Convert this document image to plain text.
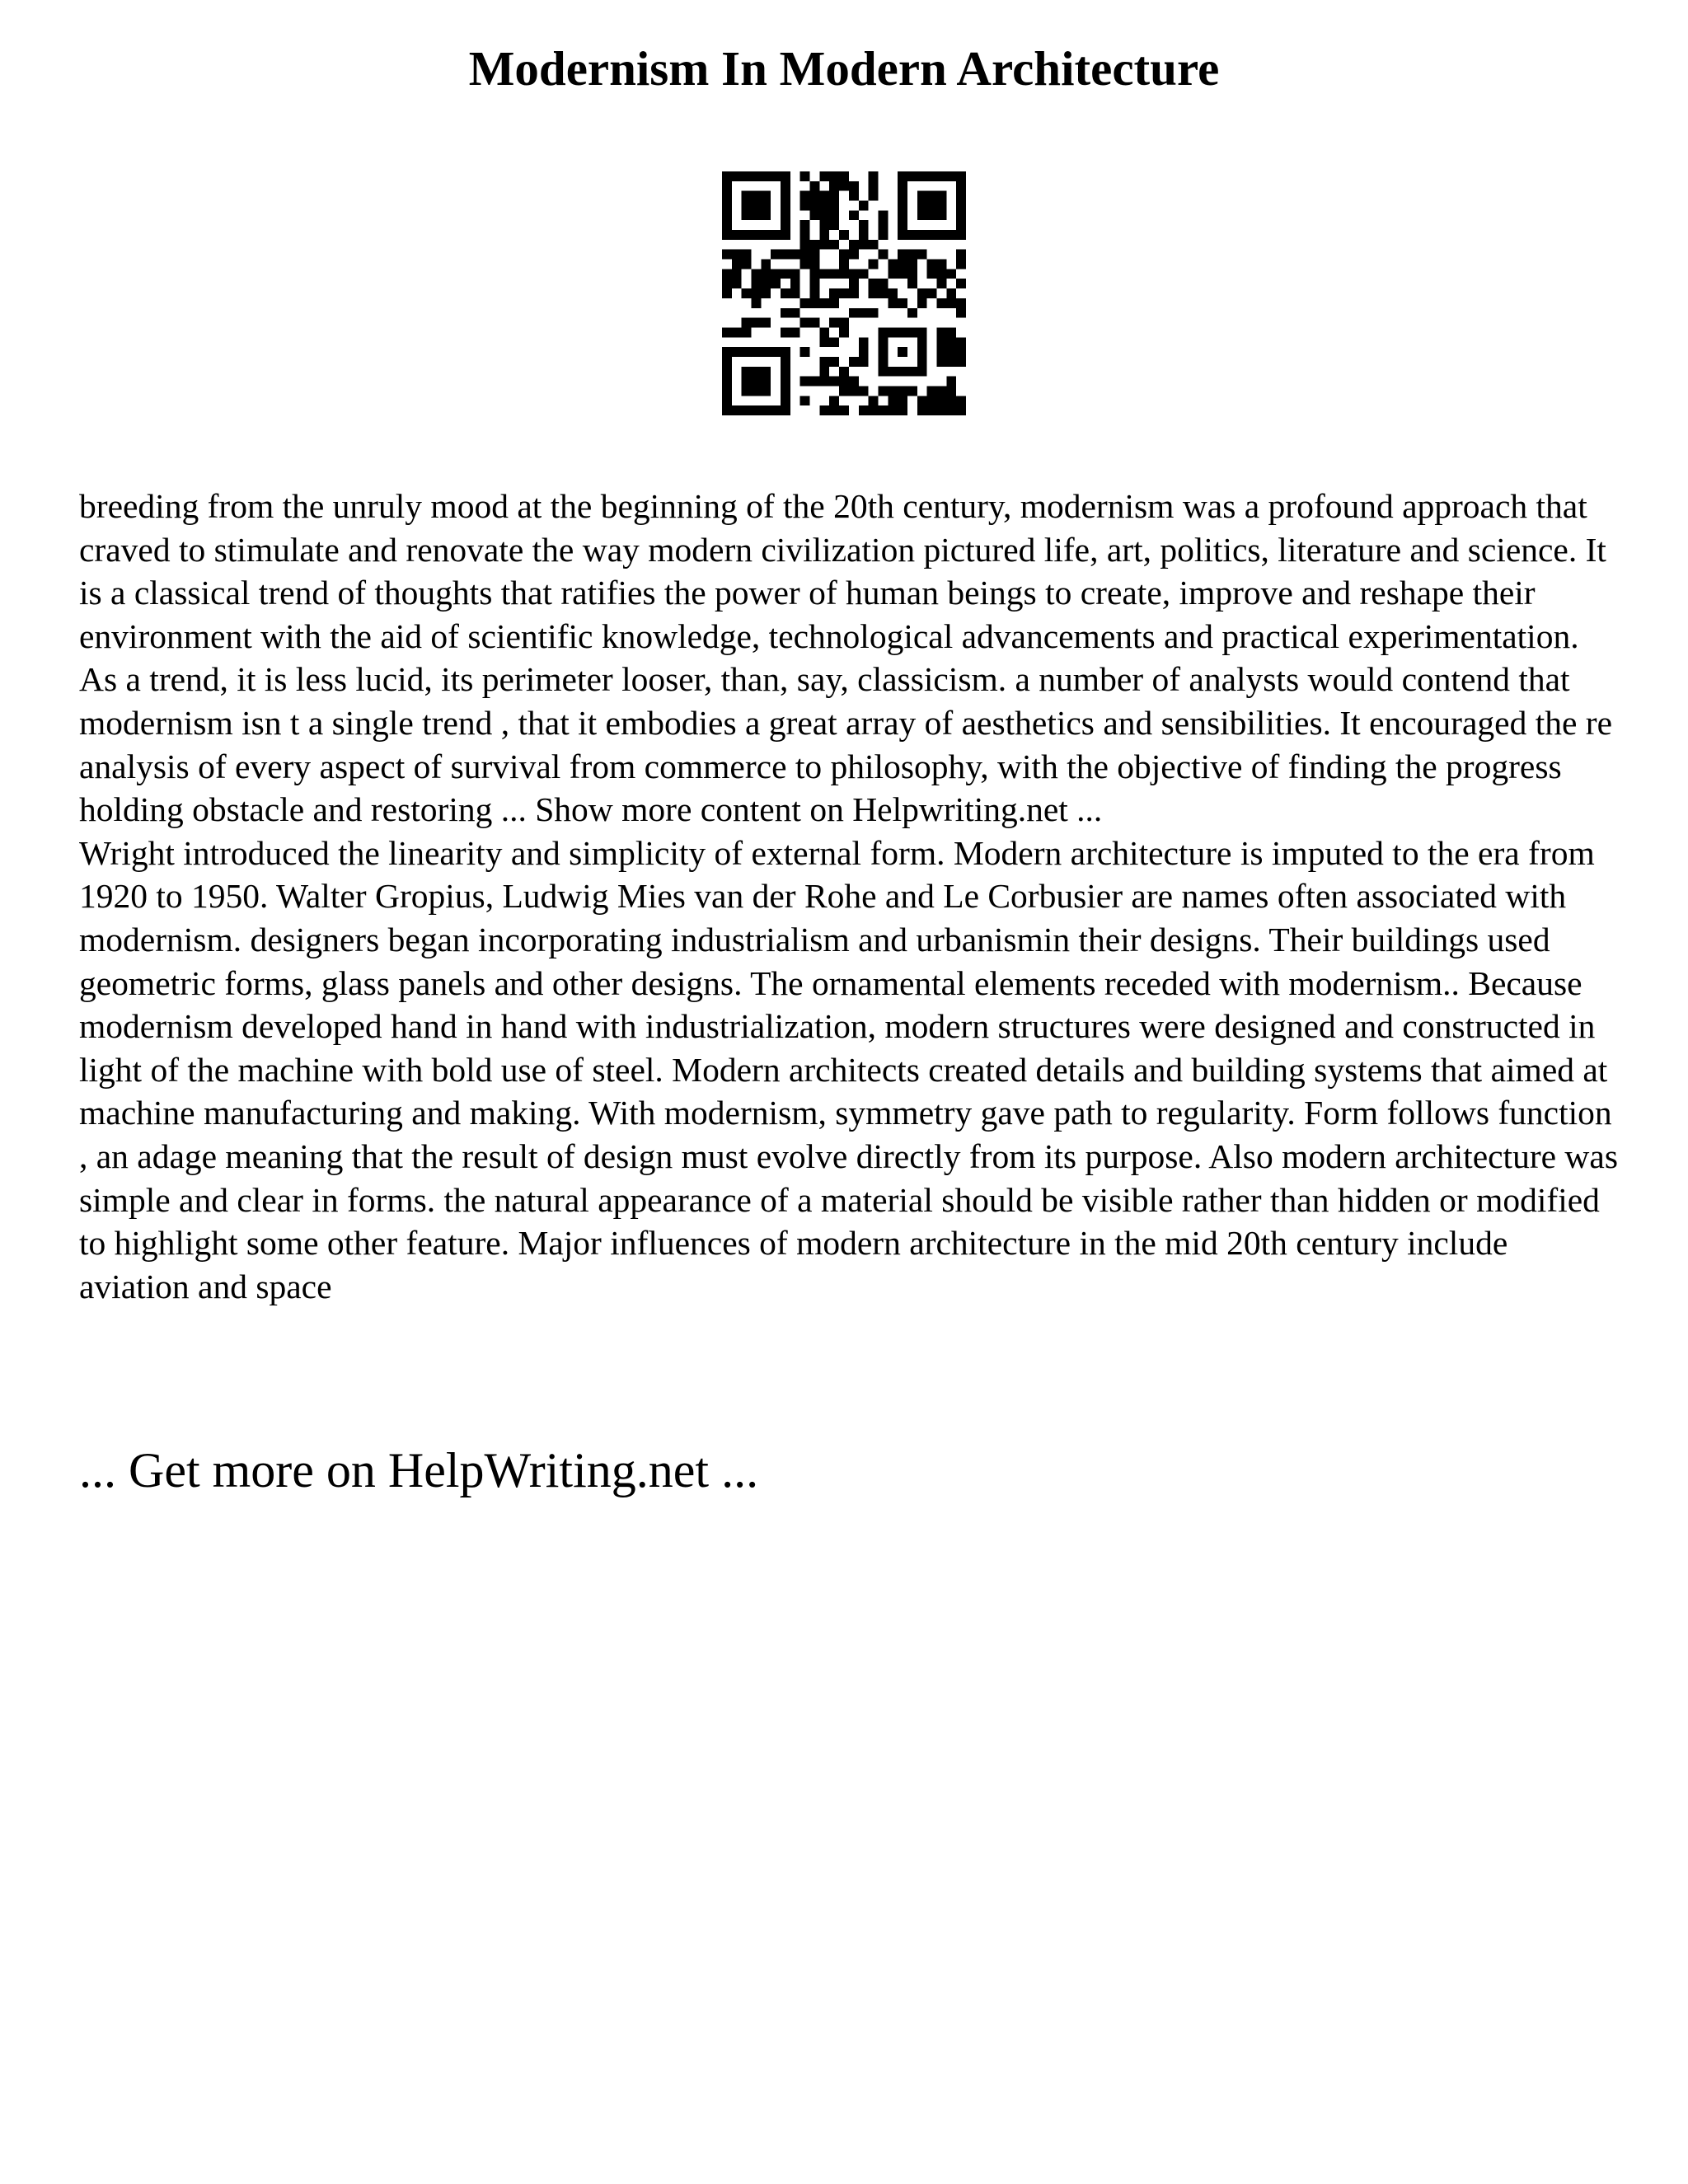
Modernism In Modern Architecture

breeding from the unruly mood at the beginning of the 20th century, modernism was a profound approach that craved to stimulate and renovate the way modern civilization pictured life, art, politics, literature and science. It is a classical trend of thoughts that ratifies the power of human beings to create, improve and reshape their environment with the aid of scientific knowledge, technological advancements and practical experimentation. As a trend, it is less lucid, its perimeter looser, than, say, classicism. a number of analysts would contend that modernism isn t a single trend , that it embodies a great array of aesthetics and sensibilities. It encouraged the re analysis of every aspect of survival from commerce to philosophy, with the objective of finding the progress holding obstacle and restoring ... Show more content on Helpwriting.net ...

Wright introduced the linearity and simplicity of external form. Modern architecture is imputed to the era from 1920 to 1950. Walter Gropius, Ludwig Mies van der Rohe and Le Corbusier are names often associated with modernism. designers began incorporating industrialism and urbanismin their designs. Their buildings used geometric forms, glass panels and other designs. The ornamental elements receded with modernism.. Because modernism developed hand in hand with industrialization, modern structures were designed and constructed in light of the machine with bold use of steel. Modern architects created details and building systems that aimed at machine manufacturing and making. With modernism, symmetry gave path to regularity. Form follows function , an adage meaning that the result of design must evolve directly from its purpose. Also modern architecture was simple and clear in forms. the natural appearance of a material should be visible rather than hidden or modified to highlight some other feature. Major influences of modern architecture in the mid 20th century include aviation and space

... Get more on HelpWriting.net ...
